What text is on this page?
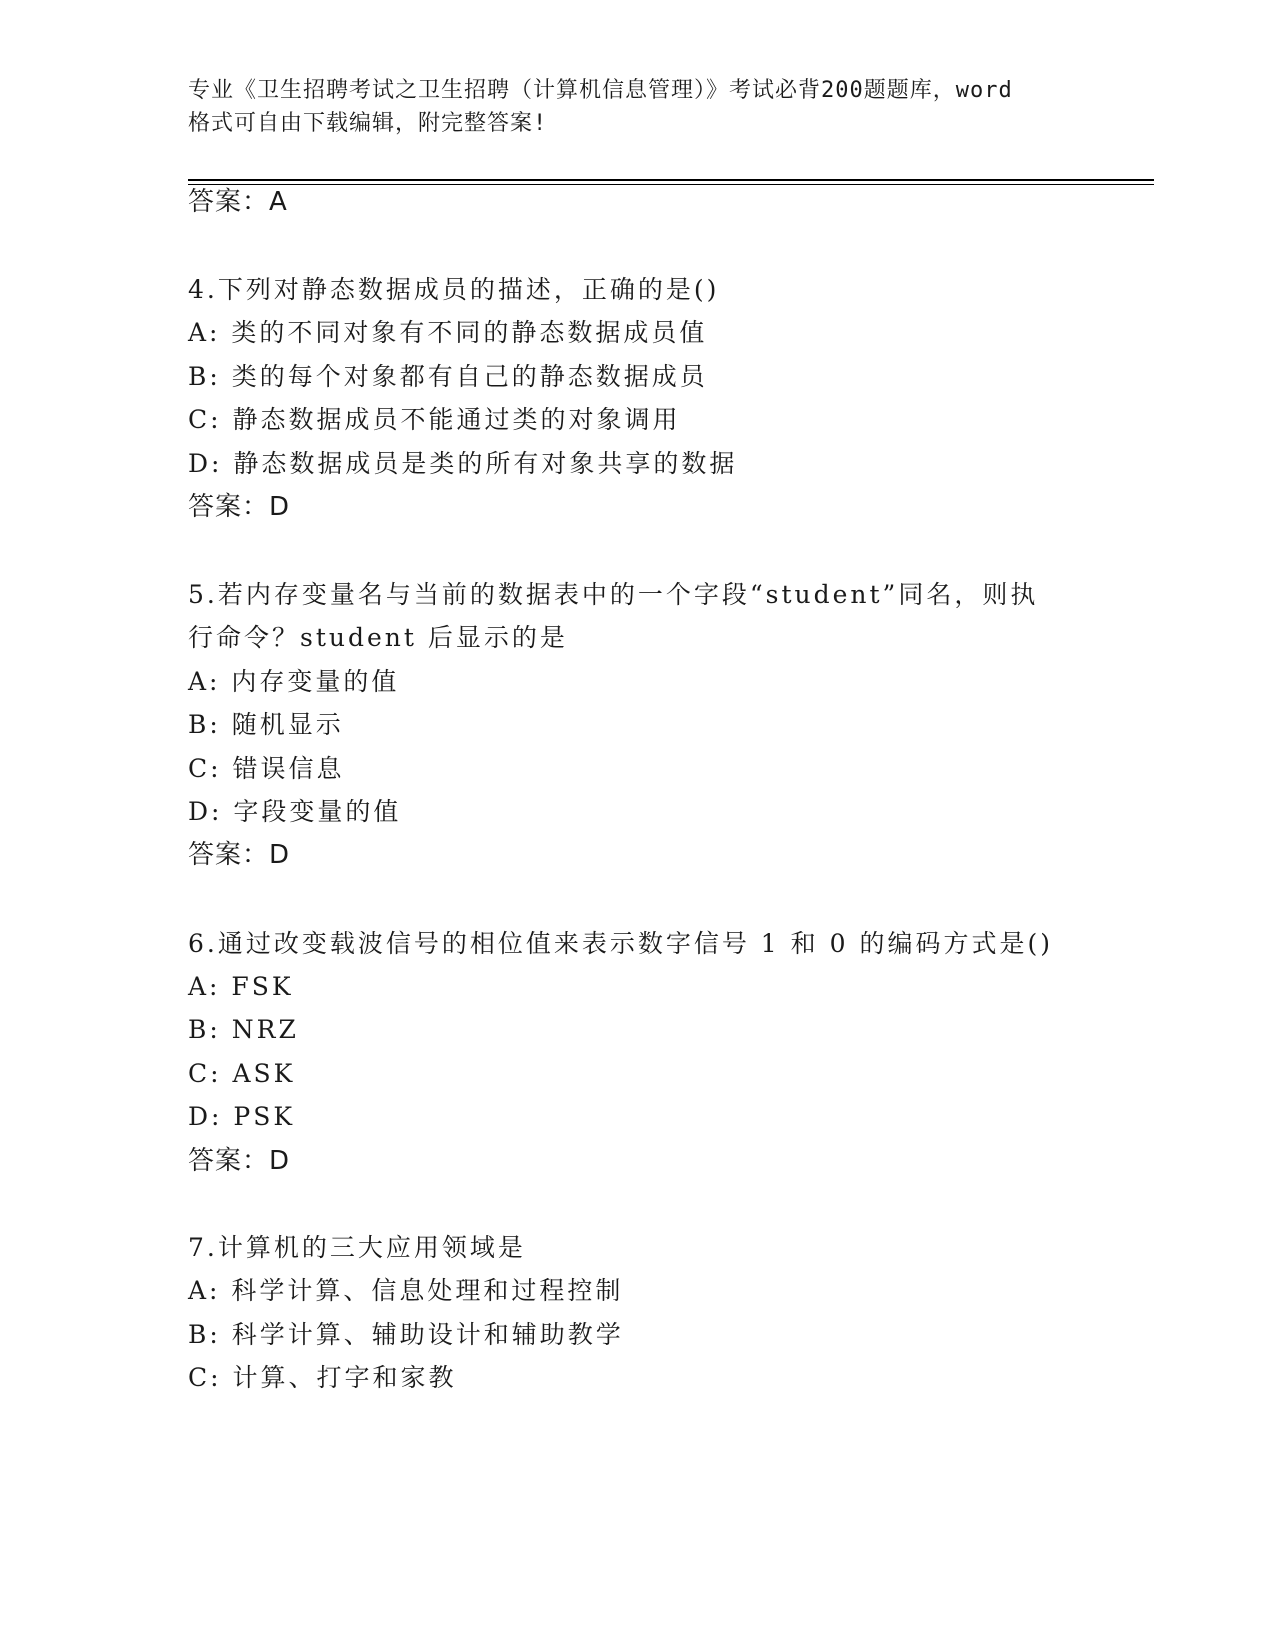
专业《卫生招聘考试之卫生招聘（计算机信息管理）》考试必背200题题库，word
格式可自由下载编辑，附完整答案!
答案：A
4.下列对静态数据成员的描述，正确的是()
A: 类的不同对象有不同的静态数据成员值
B: 类的每个对象都有自己的静态数据成员
C: 静态数据成员不能通过类的对象调用
D: 静态数据成员是类的所有对象共享的数据
答案：D
5.若内存变量名与当前的数据表中的一个字段“student”同名，则执
行命令？student 后显示的是
A: 内存变量的值
B: 随机显示
C: 错误信息
D: 字段变量的值
答案：D
6.通过改变载波信号的相位值来表示数字信号 1 和 0 的编码方式是()
A: FSK
B: NRZ
C: ASK
D: PSK
答案：D
7.计算机的三大应用领域是
A: 科学计算、信息处理和过程控制
B: 科学计算、辅助设计和辅助教学
C: 计算、打字和家教
